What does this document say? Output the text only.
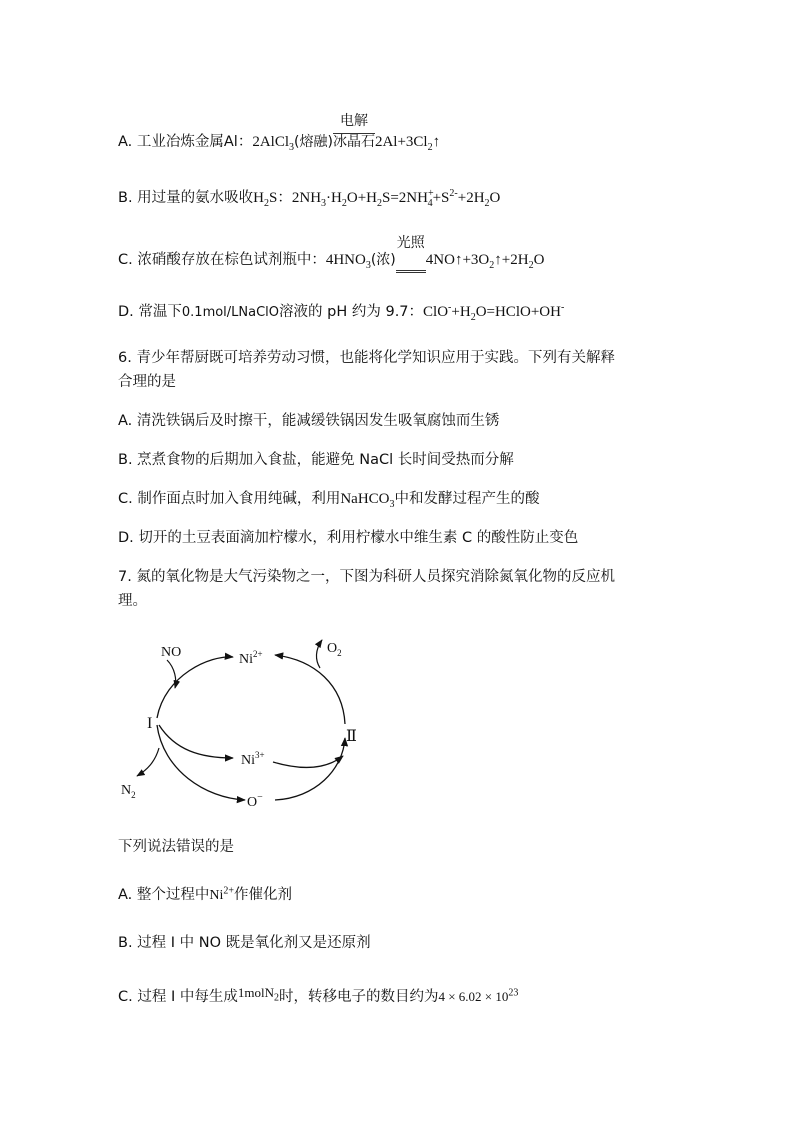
A. 工业冶炼金属Al：2AlCl$_3$(熔融)
电解
冰晶石$2Al+3Cl_2↑$
B. 用过量的氨水吸收$H_2S$：$2NH_3\cdot H_2O+H_2S=2NH^+_4+S^{2-}+2H_2O$
C. 浓硝酸存放在棕色试剂瓶中：$4HNO_3$(浓)
光照
$4NO↑+3O_2↑+2H_2O$
D. 常温下0.1mol/LNaClO溶液的 pH 约为 9.7：$ClO^-+H_2O=HClO+OH^-$
6. 青少年帮厨既可培养劳动习惯，也能将化学知识应用于实践。下列有关解释
合理的是
A. 清洗铁锅后及时擦干，能减缓铁锅因发生吸氧腐蚀而生锈
B. 烹煮食物的后期加入食盐，能避免 NaCl 长时间受热而分解
C. 制作面点时加入食用纯碱，利用NaHCO$_3$中和发酵过程产生的酸
D. 切开的土豆表面滴加柠檬水，利用柠檬水中维生素 C 的酸性防止变色
7. 氮的氧化物是大气污染物之一，下图为科研人员探究消除氮氧化物的反应机
理。
NO	$Ni^{2+}$	$O_2$
I
Ⅱ
$Ni^{3+}$
$N_2$	O−
下列说法错误的是
A. 整个过程中$Ni^{2+}$作催化剂
B. 过程 I 中 NO 既是氧化剂又是还原剂
C. 过程 I 中每生成1molN$_2$时，转移电子的数目约为$4 \times 6.02 \times 10^{23}$
